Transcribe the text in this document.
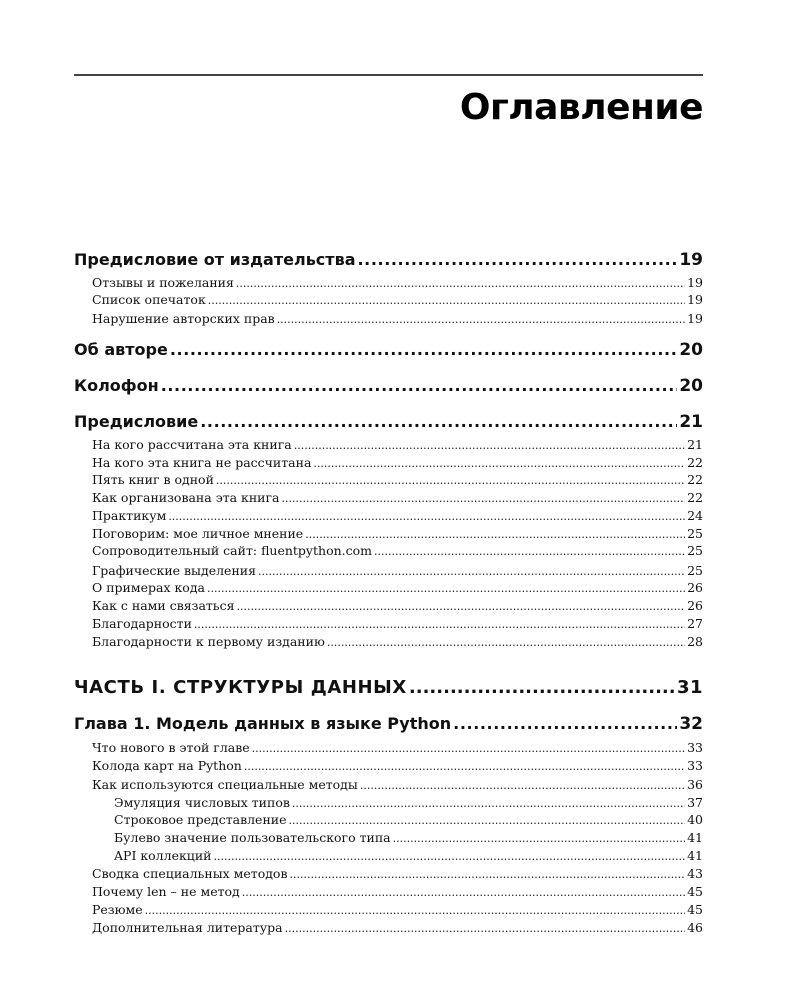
Оглавление
Предисловие от издательства .....	19
Отзывы и пожелания .....	19
Список опечаток .....	19
Нарушение авторских прав .....	19
Об авторе .....	20
Колофон .....	20
Предисловие .....	21
На кого рассчитана эта книга .....	21
На кого эта книга не рассчитана .....	22
Пять книг в одной .....	22
Как организована эта книга .....	22
Практикум .....	24
Поговорим: мое личное мнение .....	25
Сопроводительный сайт: fluentpython.com .....	25
Графические выделения .....	25
О примерах кода .....	26
Как с нами связаться .....	26
Благодарности .....	27
Благодарности к первому изданию .....	28
ЧАСТЬ I. СТРУКТУРЫ ДАННЫХ .....	31
Глава 1. Модель данных в языке Python .....	32
Что нового в этой главе .....	33
Колода карт на Python .....	33
Как используются специальные методы .....	36
Эмуляция числовых типов .....	37
Строковое представление .....	40
Булево значение пользовательского типа .....	41
API коллекций .....	41
Сводка специальных методов .....	43
Почему len – не метод .....	45
Резюме .....	45
Дополнительная литература .....	46
